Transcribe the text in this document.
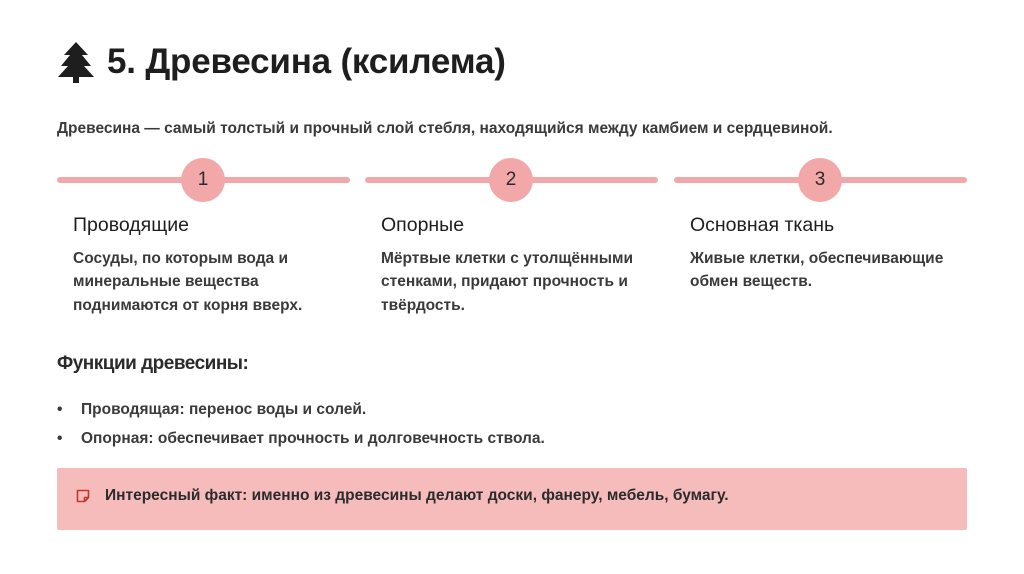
5. Древесина (ксилема)
Древесина — самый толстый и прочный слой стебля, находящийся между камбием и сердцевиной.
1
Проводящие
Сосуды, по которым вода и минеральные вещества поднимаются от корня вверх.
2
Опорные
Мёртвые клетки с утолщёнными стенками, придают прочность и твёрдость.
3
Основная ткань
Живые клетки, обеспечивающие обмен веществ.
Функции древесины:
• Проводящая: перенос воды и солей.
• Опорная: обеспечивает прочность и долговечность ствола.
Интересный факт: именно из древесины делают доски, фанеру, мебель, бумагу.
